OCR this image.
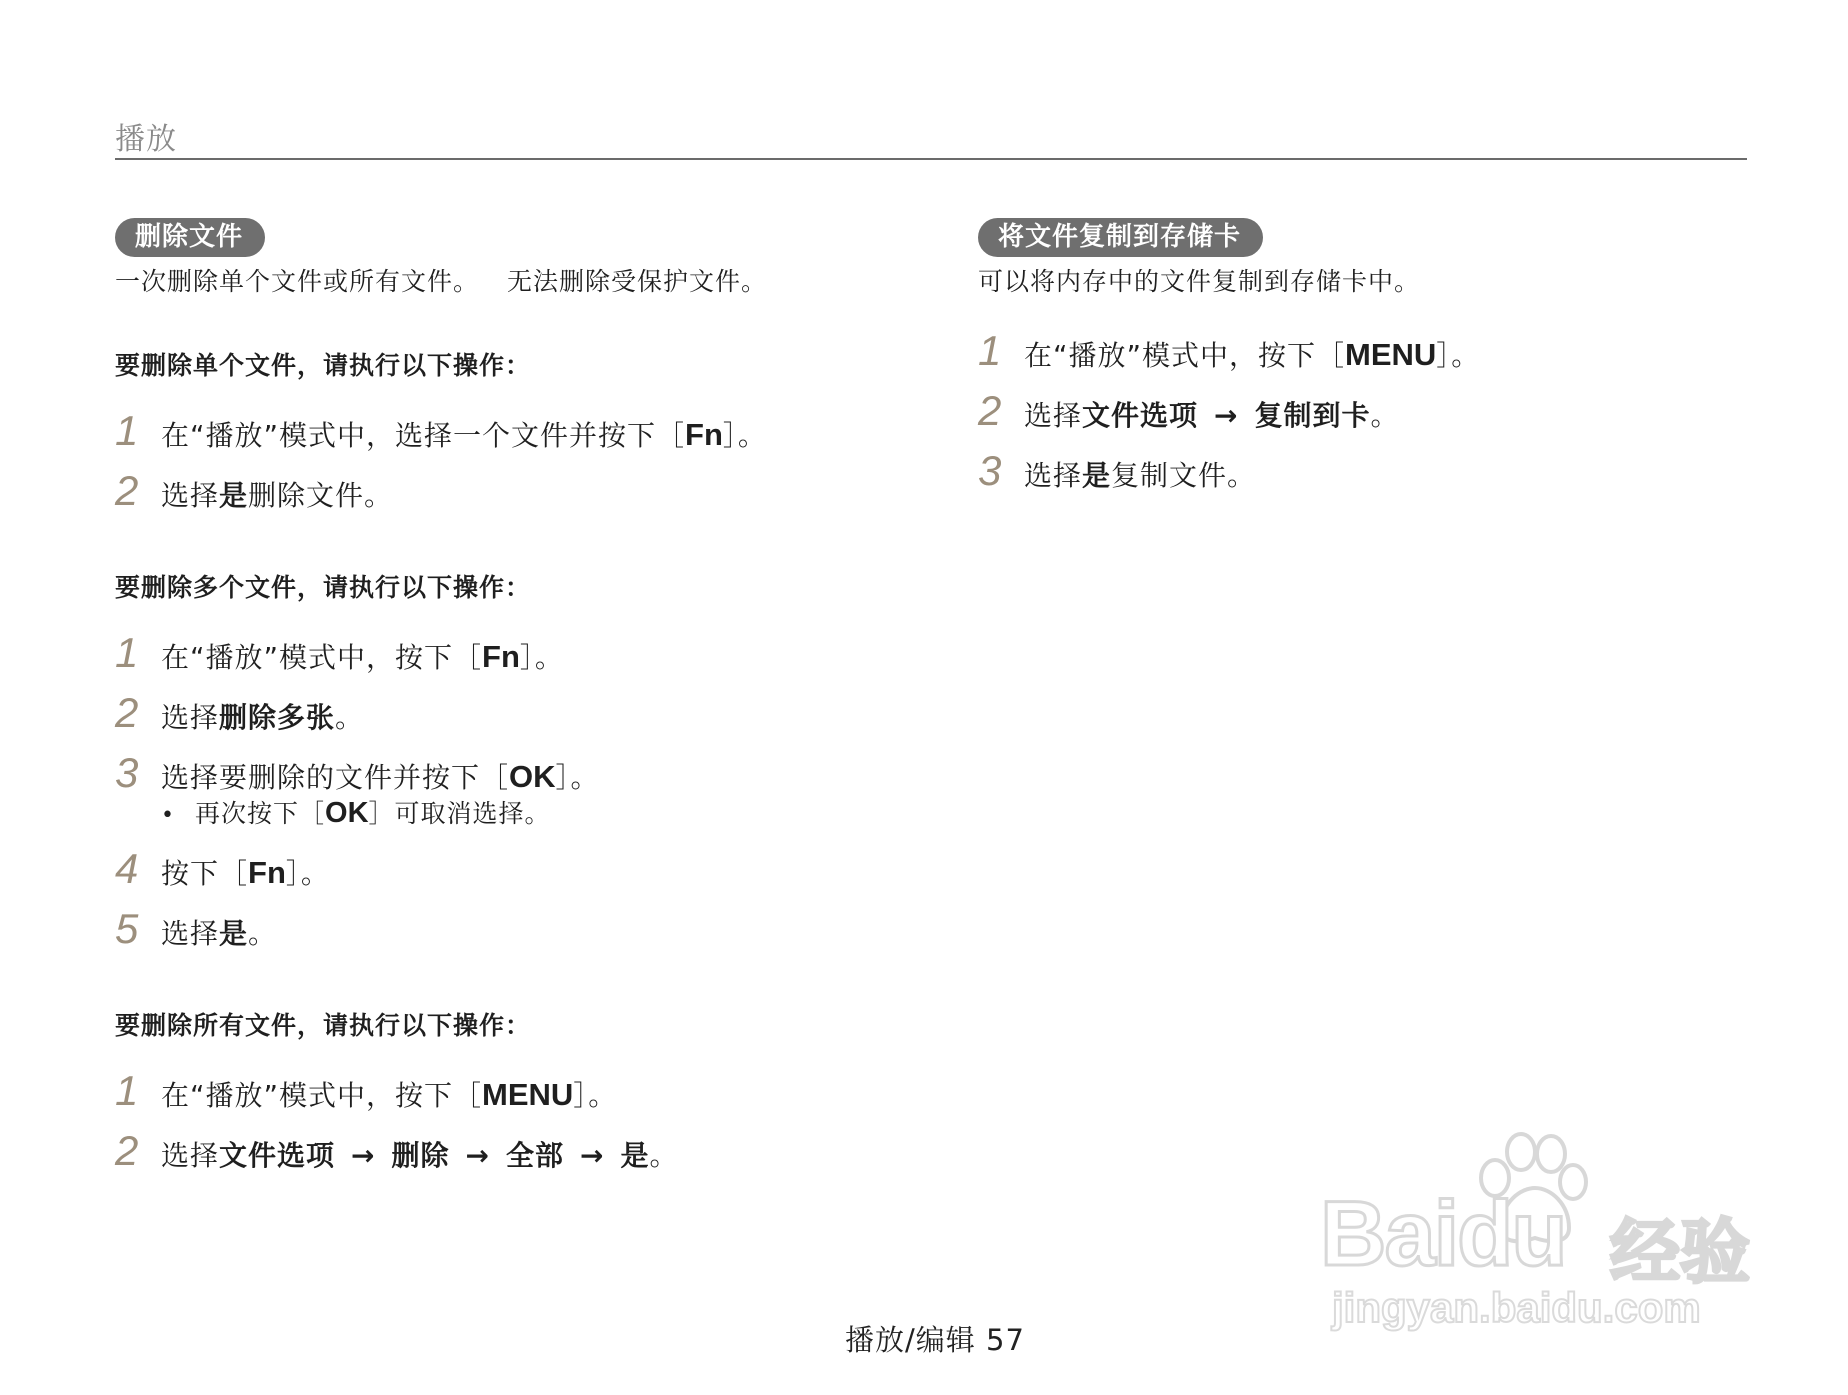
播放
删除文件
一次删除单个文件或所有文件。 无法删除受保护文件。
要删除单个文件，请执行以下操作：
1 在“播放”模式中，选择一个文件并按下［Fn］。
2 选择是删除文件。
要删除多个文件，请执行以下操作：
1 在“播放”模式中，按下［Fn］。
2 选择删除多张。
3 选择要删除的文件并按下［OK］。
• 再次按下［OK］可取消选择。
4 按下［Fn］。
5 选择是。
要删除所有文件，请执行以下操作：
1 在“播放”模式中，按下［MENU］。
2 选择文件选项 → 删除 → 全部 → 是。
将文件复制到存储卡
可以将内存中的文件复制到存储卡中。
1 在“播放”模式中，按下［MENU］。
2 选择文件选项 → 复制到卡。
3 选择是复制文件。
播放/编辑 57
Baidu 经验
jingyan.baidu.com
